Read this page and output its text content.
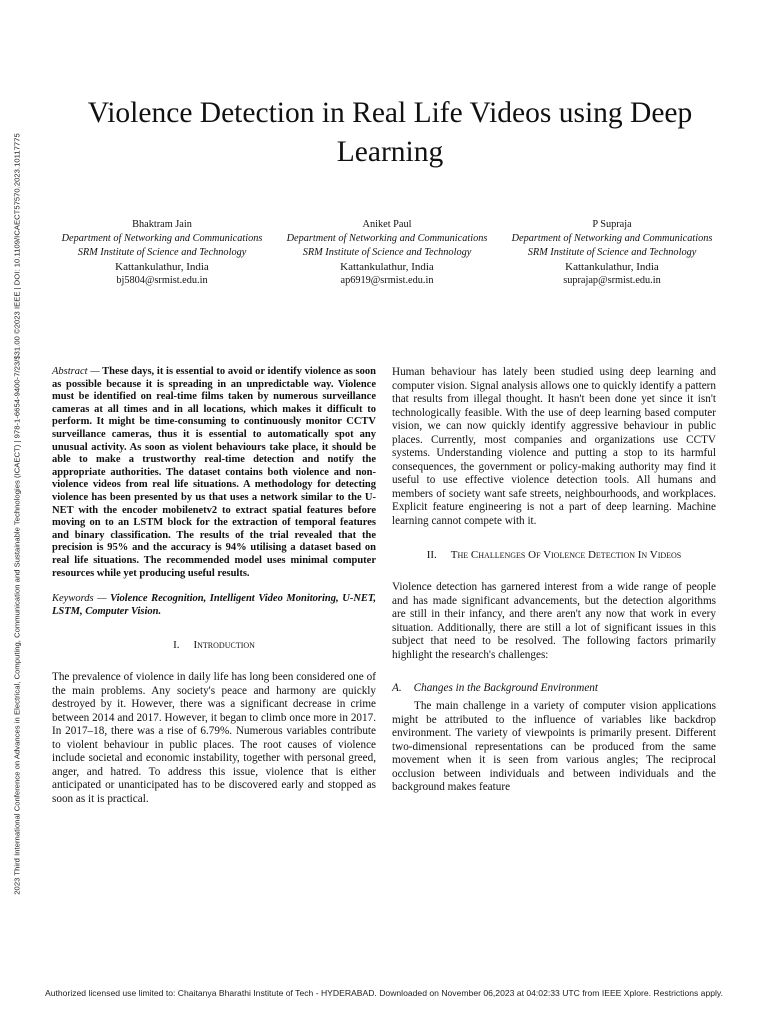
2023 Third International Conference on Advances in Electrical, Computing, Communication and Sustainable Technologies (ICAECT) | 978-1-6654-9400-7/23/$31.00 ©2023 IEEE | DOI: 10.1109/ICAECT57570.2023.10117775
Violence Detection in Real Life Videos using Deep Learning
Bhaktram Jain
Department of Networking and Communications
SRM Institute of Science and Technology
Kattankulathur, India
bj5804@srmist.edu.in
Aniket Paul
Department of Networking and Communications
SRM Institute of Science and Technology
Kattankulathur, India
ap6919@srmist.edu.in
P Supraja
Department of Networking and Communications
SRM Institute of Science and Technology
Kattankulathur, India
suprajap@srmist.edu.in

Abstract — These days, it is essential to avoid or identify violence as soon as possible because it is spreading in an unpredictable way. Violence must be identified on real-time films taken by numerous surveillance cameras at all times and in all locations, which makes it difficult to perform. It might be time-consuming to continuously monitor CCTV surveillance cameras, thus it is essential to automatically spot any unusual activity. As soon as violent behaviours take place, it should be able to make a trustworthy real-time detection and notify the appropriate authorities. The dataset contains both violence and non-violence videos from real life situations. A methodology for detecting violence has been presented by us that uses a network similar to the U-NET with the encoder mobilenetv2 to extract spatial features before moving on to an LSTM block for the extraction of temporal features and binary classification. The results of the trial revealed that the precision is 95% and the accuracy is 94% utilising a dataset based on real life situations. The recommended model uses minimal computer resources while yet producing useful results.

Keywords — Violence Recognition, Intelligent Video Monitoring, U-NET, LSTM, Computer Vision.

I. Introduction

The prevalence of violence in daily life has long been considered one of the main problems. Any society's peace and harmony are quickly destroyed by it. However, there was a significant decrease in crime between 2014 and 2017. However, it began to climb once more in 2017. In 2017–18, there was a rise of 6.79%. Numerous variables contribute to violent behaviour in public places. The root causes of violence include societal and economic instability, together with personal greed, anger, and hatred. To address this issue, violence that is either anticipated or unanticipated has to be discovered early and stopped as soon as it is practical.

Human behaviour has lately been studied using deep learning and computer vision. Signal analysis allows one to quickly identify a pattern that results from illegal thought. It hasn't been done yet since it isn't technologically feasible. With the use of deep learning based computer vision, we can now quickly identify aggressive behaviour in public places. Currently, most companies and organizations use CCTV systems. Understanding violence and putting a stop to its harmful consequences, the government or policy-making authority may find it useful to use effective violence detection tools. All humans and members of society want safe streets, neighbourhoods, and workplaces. Explicit feature engineering is not a part of deep learning. Machine learning cannot compete with it.

II. The Challenges Of Violence Detection In Videos

Violence detection has garnered interest from a wide range of people and has made significant advancements, but the detection algorithms are still in their infancy, and there aren't any now that work in every situation. Additionally, there are still a lot of significant issues in this subject that need to be resolved. The following factors primarily highlight the research's challenges:

A. Changes in the Background Environment

The main challenge in a variety of computer vision applications might be attributed to the influence of variables like backdrop environment. The variety of viewpoints is primarily present. Different two-dimensional representations can be produced from the same movement when it is seen from various angles; The reciprocal occlusion between individuals and between individuals and the background makes feature

Authorized licensed use limited to: Chaitanya Bharathi Institute of Tech - HYDERABAD. Downloaded on November 06,2023 at 04:02:33 UTC from IEEE Xplore. Restrictions apply.
